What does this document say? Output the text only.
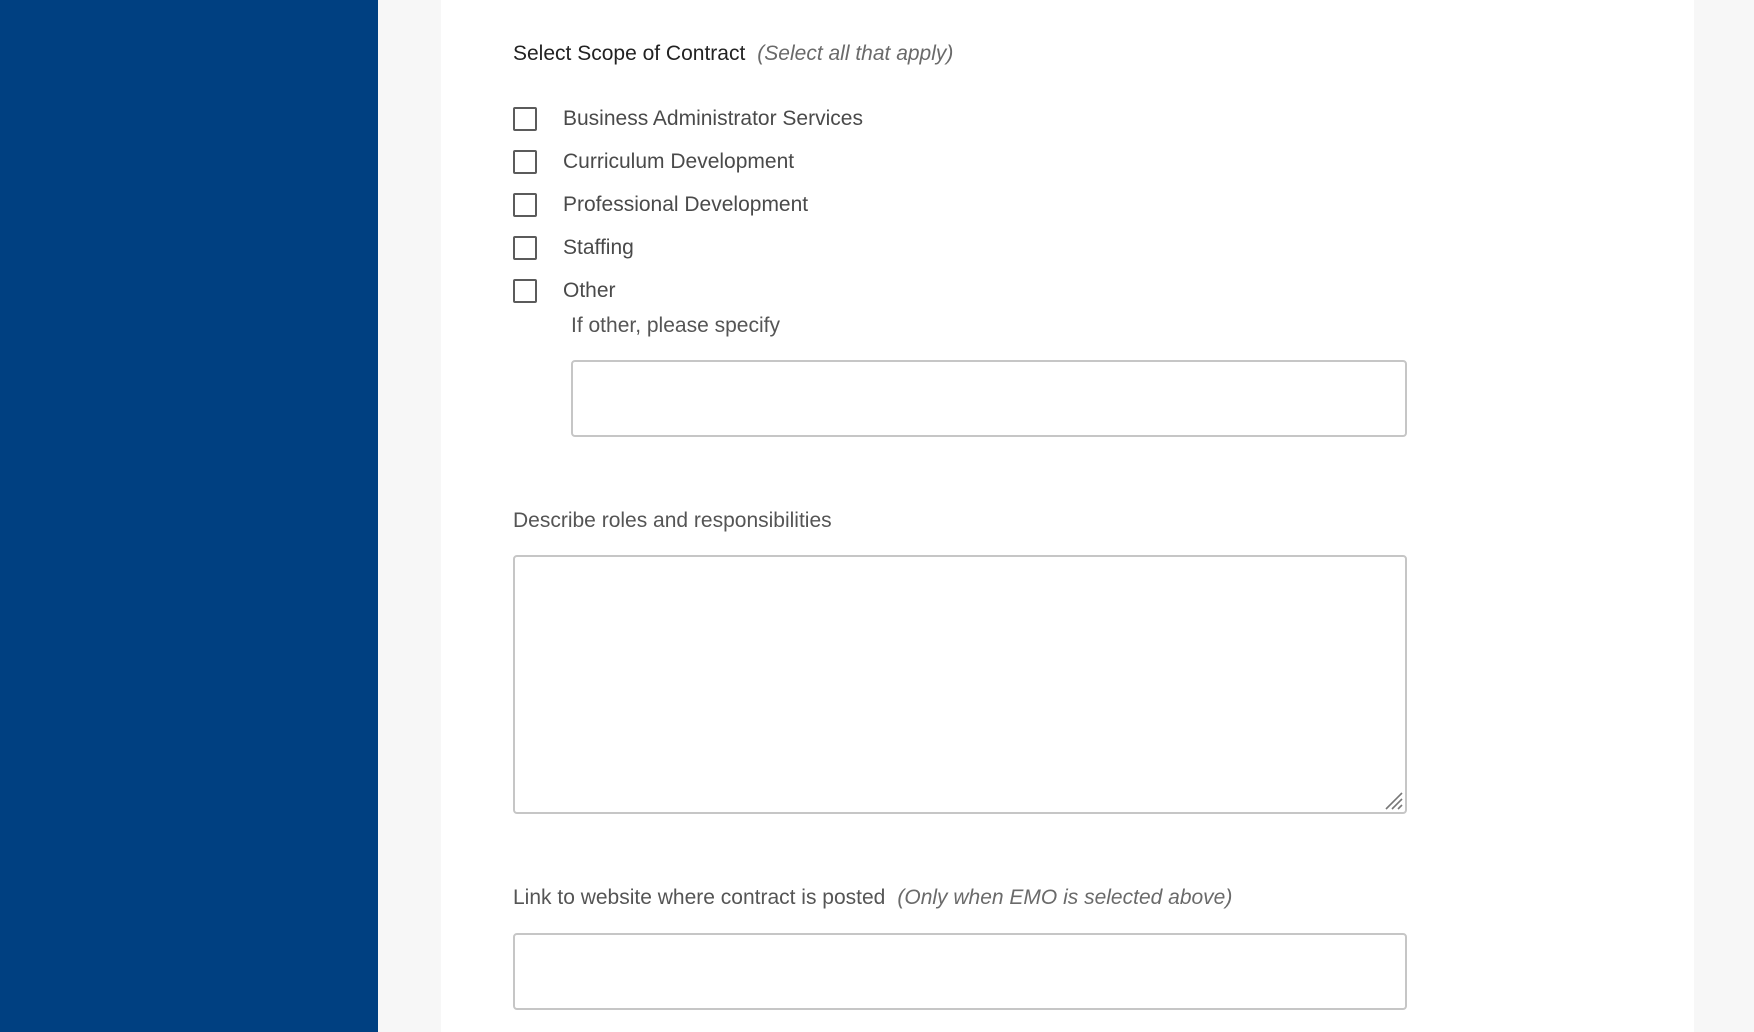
Select Scope of Contract (Select all that apply)
Business Administrator Services
Curriculum Development
Professional Development
Staffing
Other
If other, please specify
Describe roles and responsibilities
Link to website where contract is posted (Only when EMO is selected above)
